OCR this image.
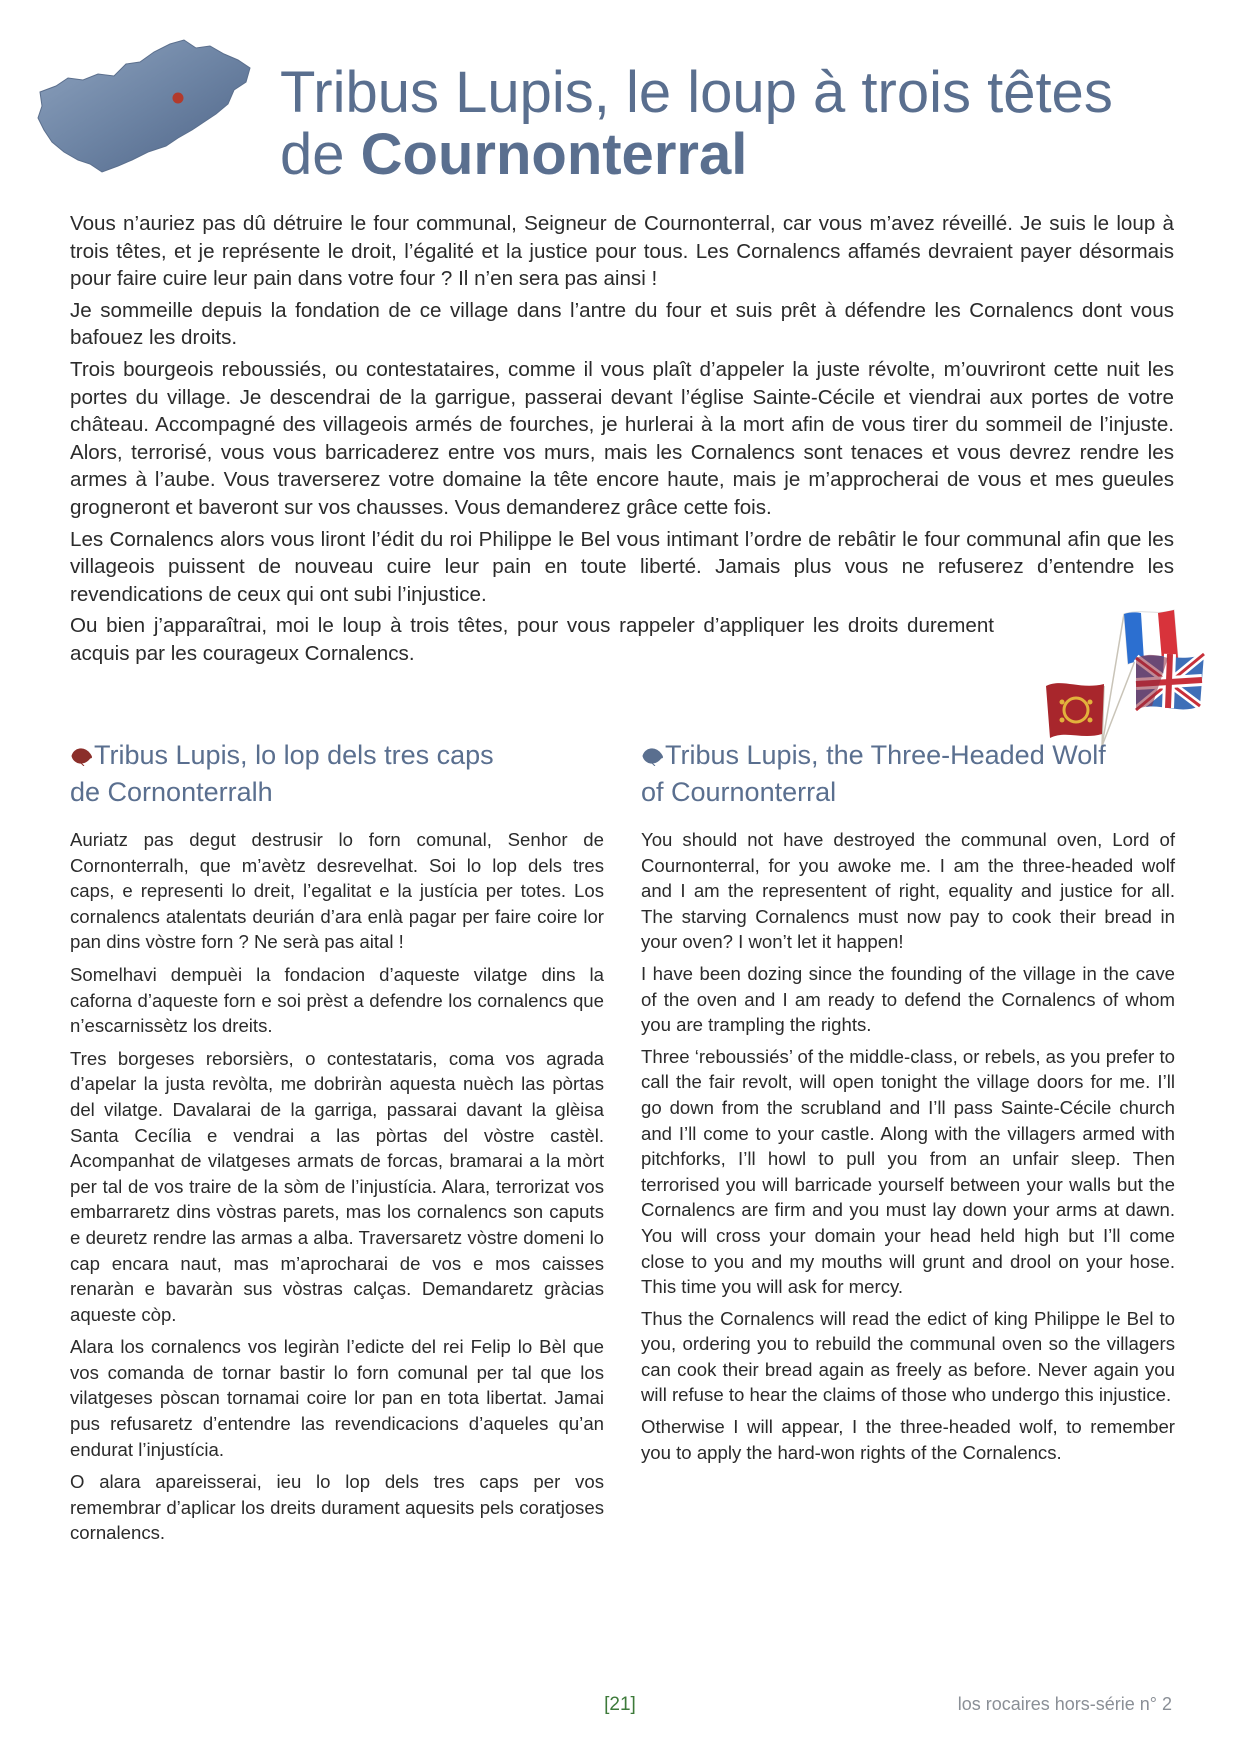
Tribus Lupis, le loup à trois têtes
de Cournonterral

Vous n’auriez pas dû détruire le four communal, Seigneur de Cournonterral, car vous m’avez réveillé. Je suis le loup à trois têtes, et je représente le droit, l’égalité et la justice pour tous. Les Cornalencs affamés devraient payer désormais pour faire cuire leur pain dans votre four ? Il n’en sera pas ainsi !

Je sommeille depuis la fondation de ce village dans l’antre du four et suis prêt à défendre les Cornalencs dont vous bafouez les droits.

Trois bourgeois reboussiés, ou contestataires, comme il vous plaît d’appeler la juste révolte, m’ouvriront cette nuit les portes du village. Je descendrai de la garrigue, passerai devant l’église Sainte-Cécile et viendrai aux portes de votre château. Accompagné des villageois armés de fourches, je hurlerai à la mort afin de vous tirer du sommeil de l’injuste. Alors, terrorisé, vous vous barricaderez entre vos murs, mais les Cornalencs sont tenaces et vous devrez rendre les armes à l’aube. Vous traverserez votre domaine la tête encore haute, mais je m’approcherai de vous et mes gueules grogneront et baveront sur vos chausses. Vous demanderez grâce cette fois.

Les Cornalencs alors vous liront l’édit du roi Philippe le Bel vous intimant l’ordre de rebâtir le four communal afin que les villageois puissent de nouveau cuire leur pain en toute liberté. Jamais plus vous ne refuserez d’entendre les revendications de ceux qui ont subi l’injustice.

Ou bien j’apparaîtrai, moi le loup à trois têtes, pour vous rappeler d’appliquer les droits durement acquis par les courageux Cornalencs.

Tribus Lupis, lo lop dels tres caps
de Cornonterralh

Auriatz pas degut destrusir lo forn comunal, Senhor de Cornonterralh, que m’avètz desrevelhat. Soi lo lop dels tres caps, e representi lo dreit, l’egalitat e la justícia per totes. Los cornalencs atalentats deurián d’ara enlà pagar per faire coire lor pan dins vòstre forn ? Ne serà pas aital !

Somelhavi dempuèi la fondacion d’aqueste vilatge dins la caforna d’aqueste forn e soi prèst a defendre los cornalencs que n’escarnissètz los dreits.

Tres borgeses reborsièrs, o contestataris, coma vos agrada d’apelar la justa revòlta, me dobriràn aquesta nuèch las pòrtas del vilatge. Davalarai de la garriga, passarai davant la glèisa Santa Cecília e vendrai a las pòrtas del vòstre castèl. Acompanhat de vilatgeses armats de forcas, bramarai a la mòrt per tal de vos traire de la sòm de l’injustícia. Alara, terrorizat vos embarraretz dins vòstras parets, mas los cornalencs son caputs e deuretz rendre las armas a alba. Traversaretz vòstre domeni lo cap encara naut, mas m’aprocharai de vos e mos caisses renaràn e bavaràn sus vòstras calças. Demandaretz gràcias aqueste còp.

Alara los cornalencs vos legiràn l’edicte del rei Felip lo Bèl que vos comanda de tornar bastir lo forn comunal per tal que los vilatgeses pòscan tornamai coire lor pan en tota libertat. Jamai pus refusaretz d’entendre las revendicacions d’aqueles qu’an endurat l’injustícia.

O alara apareisserai, ieu lo lop dels tres caps per vos remembrar d’aplicar los dreits durament aquesits pels coratjoses cornalencs.

Tribus Lupis, the Three-Headed Wolf
of Cournonterral

You should not have destroyed the communal oven, Lord of Cournonterral, for you awoke me. I am the three-headed wolf and I am the representent of right, equality and justice for all. The starving Cornalencs must now pay to cook their bread in your oven? I won’t let it happen!

I have been dozing since the founding of the village in the cave of the oven and I am ready to defend the Cornalencs of whom you are trampling the rights.

Three ‘reboussiés’ of the middle-class, or rebels, as you prefer to call the fair revolt, will open tonight the village doors for me. I’ll go down from the scrubland and I’ll pass Sainte-Cécile church and I’ll come to your castle. Along with the villagers armed with pitchforks, I’ll howl to pull you from an unfair sleep. Then terrorised you will barricade yourself between your walls but the Cornalencs are firm and you must lay down your arms at dawn. You will cross your domain your head held high but I’ll come close to you and my mouths will grunt and drool on your hose. This time you will ask for mercy.

Thus the Cornalencs will read the edict of king Philippe le Bel to you, ordering you to rebuild the communal oven so the villagers can cook their bread again as freely as before. Never again you will refuse to hear the claims of those who undergo this injustice.

Otherwise I will appear, I the three-headed wolf, to remember you to apply the hard-won rights of the Cornalencs.

[21]	los rocaires hors-série n° 2
